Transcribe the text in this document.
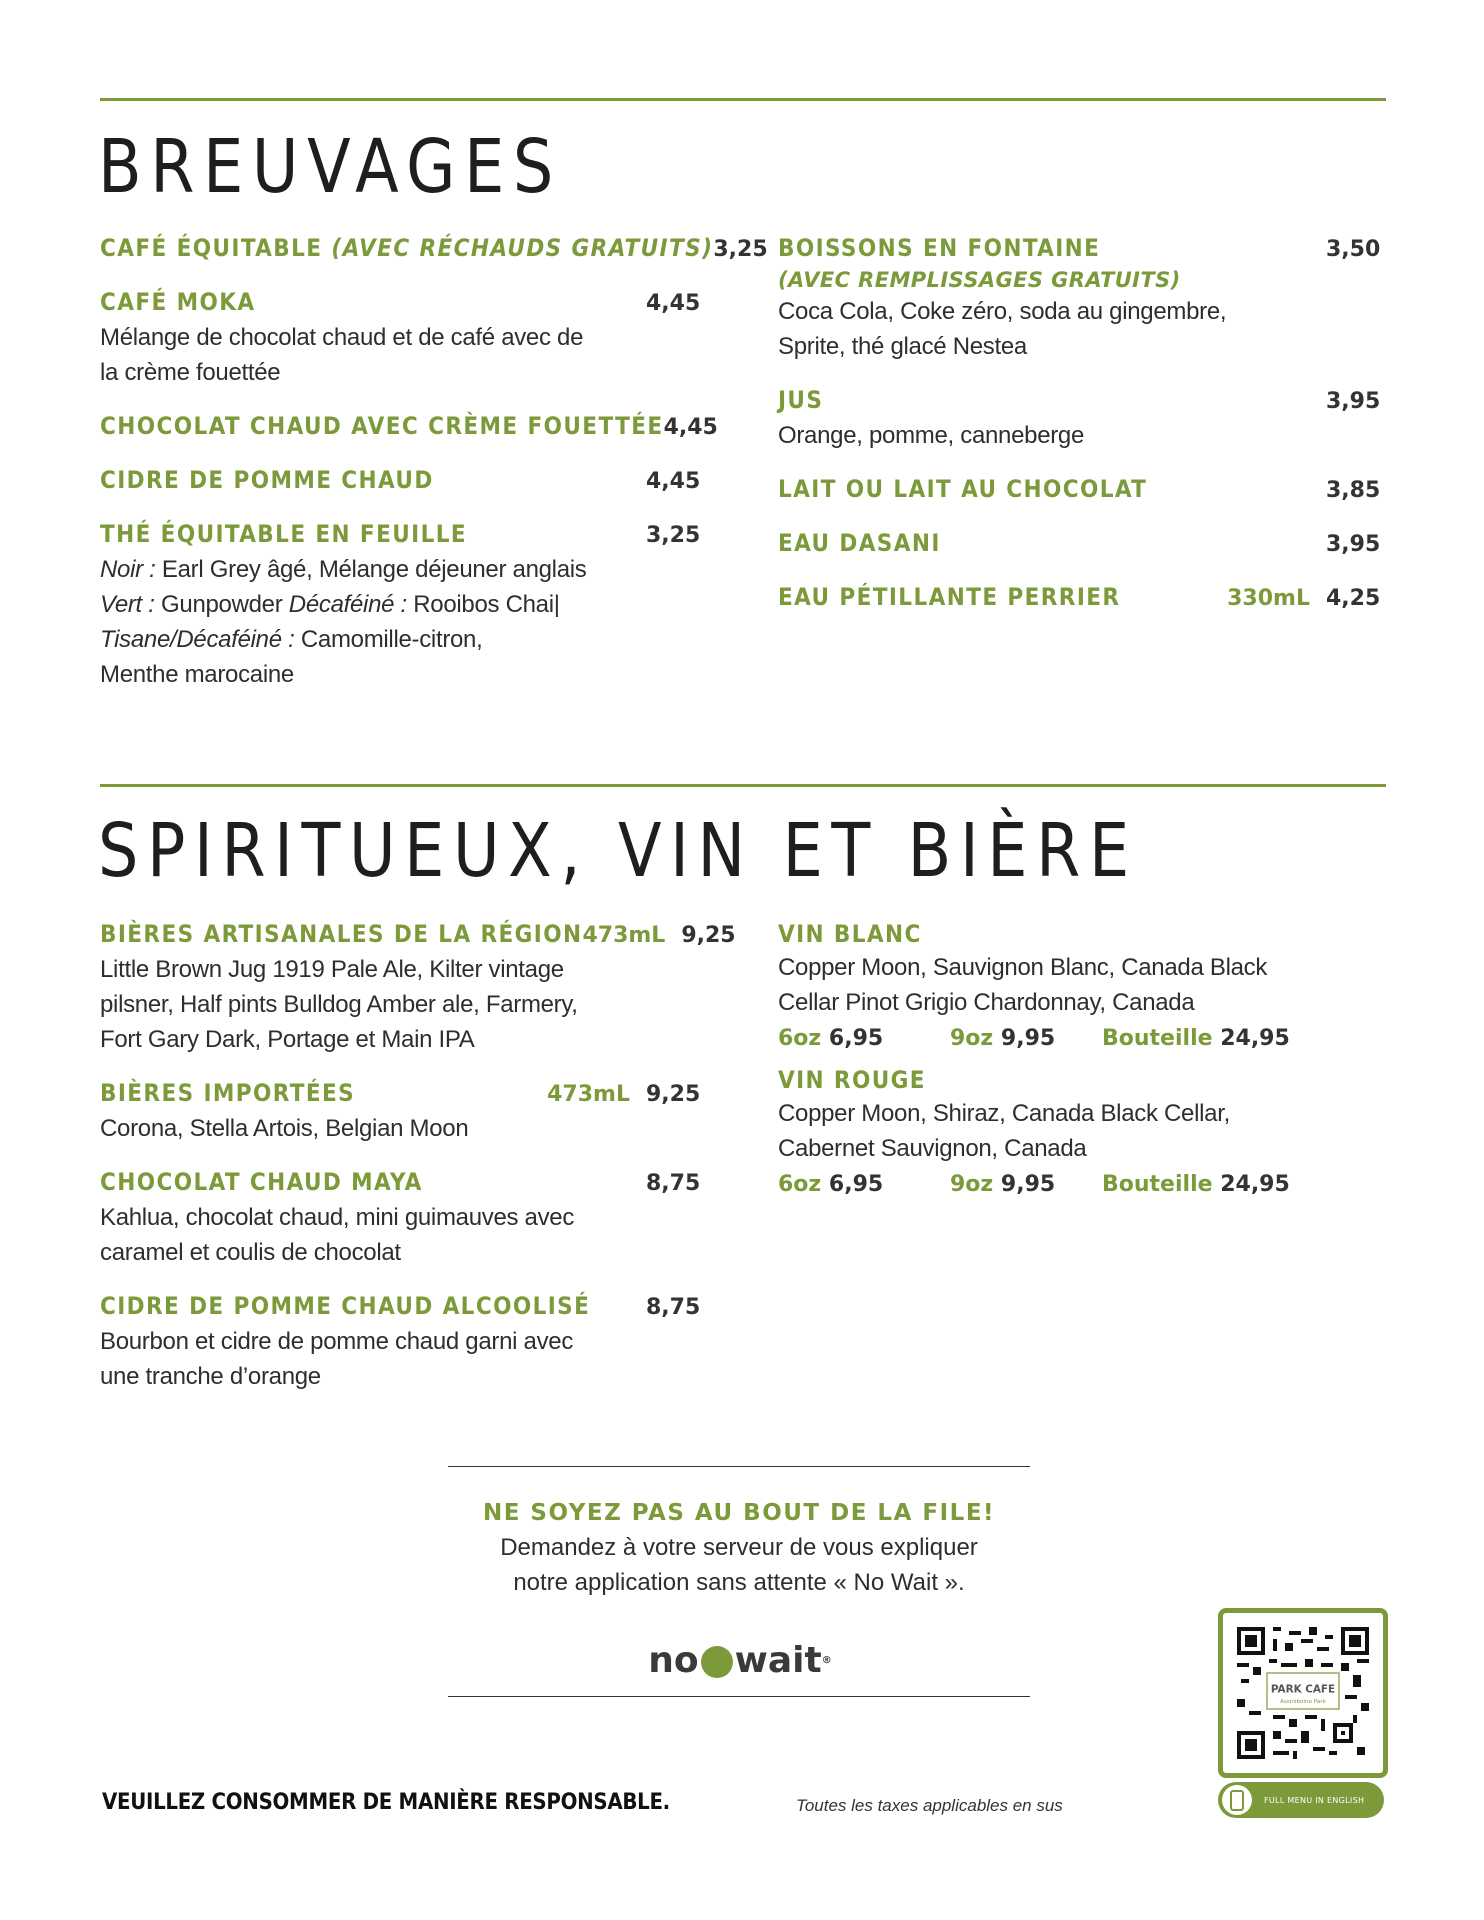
BREUVAGES
CAFÉ ÉQUITABLE (AVEC RÉCHAUDS GRATUITS) 3,25
CAFÉ MOKA	4,45
Mélange de chocolat chaud et de café avec de
la crème fouettée
CHOCOLAT CHAUD AVEC CRÈME FOUETTÉE 4,45
CIDRE DE POMME CHAUD	4,45
THÉ ÉQUITABLE EN FEUILLE	3,25
Noir : Earl Grey âgé, Mélange déjeuner anglais
Vert : Gunpowder Décaféiné : Rooibos Chai|
Tisane/Décaféiné : Camomille-citron,
Menthe marocaine
BOISSONS EN FONTAINE	3,50
(AVEC REMPLISSAGES GRATUITS)
Coca Cola, Coke zéro, soda au gingembre,
Sprite, thé glacé Nestea
JUS	3,95
Orange, pomme, canneberge
LAIT OU LAIT AU CHOCOLAT	3,85
EAU DASANI	3,95
EAU PÉTILLANTE PERRIER	330mL 4,25
SPIRITUEUX, VIN ET BIÈRE
BIÈRES ARTISANALES DE LA RÉGION 473mL 9,25
Little Brown Jug 1919 Pale Ale, Kilter vintage
pilsner, Half pints Bulldog Amber ale, Farmery,
Fort Gary Dark, Portage et Main IPA
BIÈRES IMPORTÉES	473mL 9,25
Corona, Stella Artois, Belgian Moon
CHOCOLAT CHAUD MAYA	8,75
Kahlua, chocolat chaud, mini guimauves avec
caramel et coulis de chocolat
CIDRE DE POMME CHAUD ALCOOLISÉ	8,75
Bourbon et cidre de pomme chaud garni avec
une tranche d’orange
VIN BLANC
Copper Moon, Sauvignon Blanc, Canada Black
Cellar Pinot Grigio Chardonnay, Canada
6oz 6,95	9oz 9,95	Bouteille 24,95
VIN ROUGE
Copper Moon, Shiraz, Canada Black Cellar,
Cabernet Sauvignon, Canada
6oz 6,95	9oz 9,95	Bouteille 24,95
NE SOYEZ PAS AU BOUT DE LA FILE!
Demandez à votre serveur de vous expliquer
notre application sans attente « No Wait ».
no wait ®
PARK CAFE
Assiniboine Park
FULL MENU IN ENGLISH
VEUILLEZ CONSOMMER DE MANIÈRE RESPONSABLE.	Toutes les taxes applicables en sus
